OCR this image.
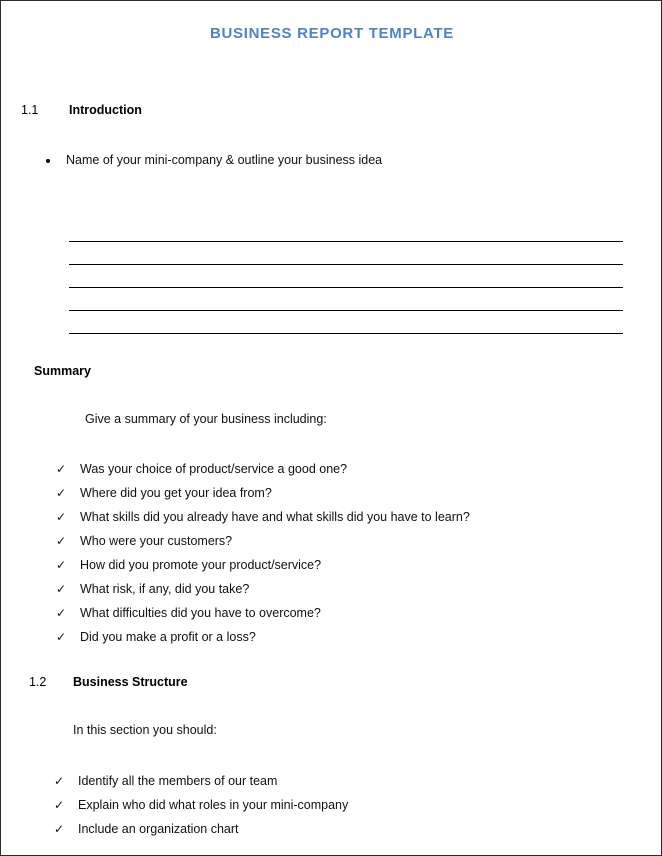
BUSINESS REPORT TEMPLATE
1.1 Introduction
Name of your mini-company & outline your business idea
Summary
Give a summary of your business including:
✓	Was your choice of product/service a good one?
✓	Where did you get your idea from?
✓	What skills did you already have and what skills did you have to learn?
✓	Who were your customers?
✓	How did you promote your product/service?
✓	What risk, if any, did you take?
✓	What difficulties did you have to overcome?
✓	Did you make a profit or a loss?
1.2 Business Structure
In this section you should:
✓	Identify all the members of our team
✓	Explain who did what roles in your mini-company
✓	Include an organization chart
